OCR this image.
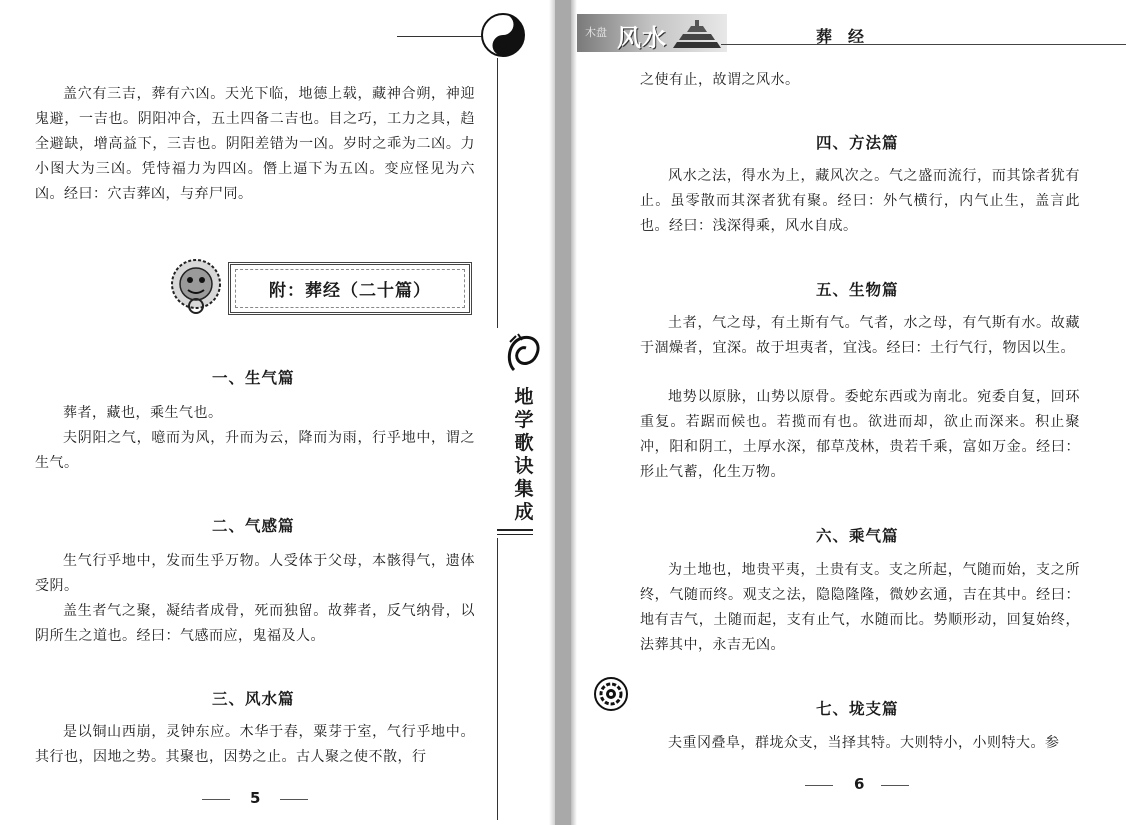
盖穴有三吉，葬有六凶。天光下临，地德上载，藏神合朔，神迎鬼避，一吉也。阴阳冲合，五土四备二吉也。目之巧，工力之具，趋全避缺，增高益下，三吉也。阴阳差错为一凶。岁时之乖为二凶。力小图大为三凶。凭恃福力为四凶。僭上逼下为五凶。变应怪见为六凶。经曰：穴吉葬凶，与弃尸同。

附：葬经（二十篇）
地
学
歌
诀
集
成
一、生气篇

葬者，藏也，乘生气也。

夫阴阳之气，噫而为风，升而为云，降而为雨，行乎地中，谓之生气。

二、气感篇

生气行乎地中，发而生乎万物。人受体于父母，本骸得气，遗体受阴。

盖生者气之聚，凝结者成骨，死而独留。故葬者，反气纳骨，以阴所生之道也。经曰：气感而应，鬼福及人。

三、风水篇

是以铜山西崩，灵钟东应。木华于春，粟芽于室，气行乎地中。其行也，因地之势。其聚也，因势之止。古人聚之使不散，行

5
木盘 风水	葬经

之使有止，故谓之风水。

四、方法篇

风水之法，得水为上，藏风次之。气之盛而流行，而其馀者犹有止。虽零散而其深者犹有聚。经曰：外气横行，内气止生，盖言此也。经曰：浅深得乘，风水自成。

五、生物篇

土者，气之母，有土斯有气。气者，水之母，有气斯有水。故藏于涸燥者，宜深。故于坦夷者，宜浅。经曰：土行气行，物因以生。

地势以原脉，山势以原骨。委蛇东西或为南北。宛委自复，回环重复。若踞而候也。若揽而有也。欲进而却，欲止而深来。积止聚冲，阳和阴工，土厚水深，郁草茂林，贵若千乘，富如万金。经曰：形止气蓄，化生万物。

六、乘气篇

为土地也，地贵平夷，土贵有支。支之所起，气随而始，支之所终，气随而终。观支之法，隐隐隆隆，微妙玄通，吉在其中。经曰：地有吉气，土随而起，支有止气，水随而比。势顺形动，回复始终，法葬其中，永吉无凶。

七、垅支篇

夫重冈叠阜，群垅众支，当择其特。大则特小，小则特大。参

6
